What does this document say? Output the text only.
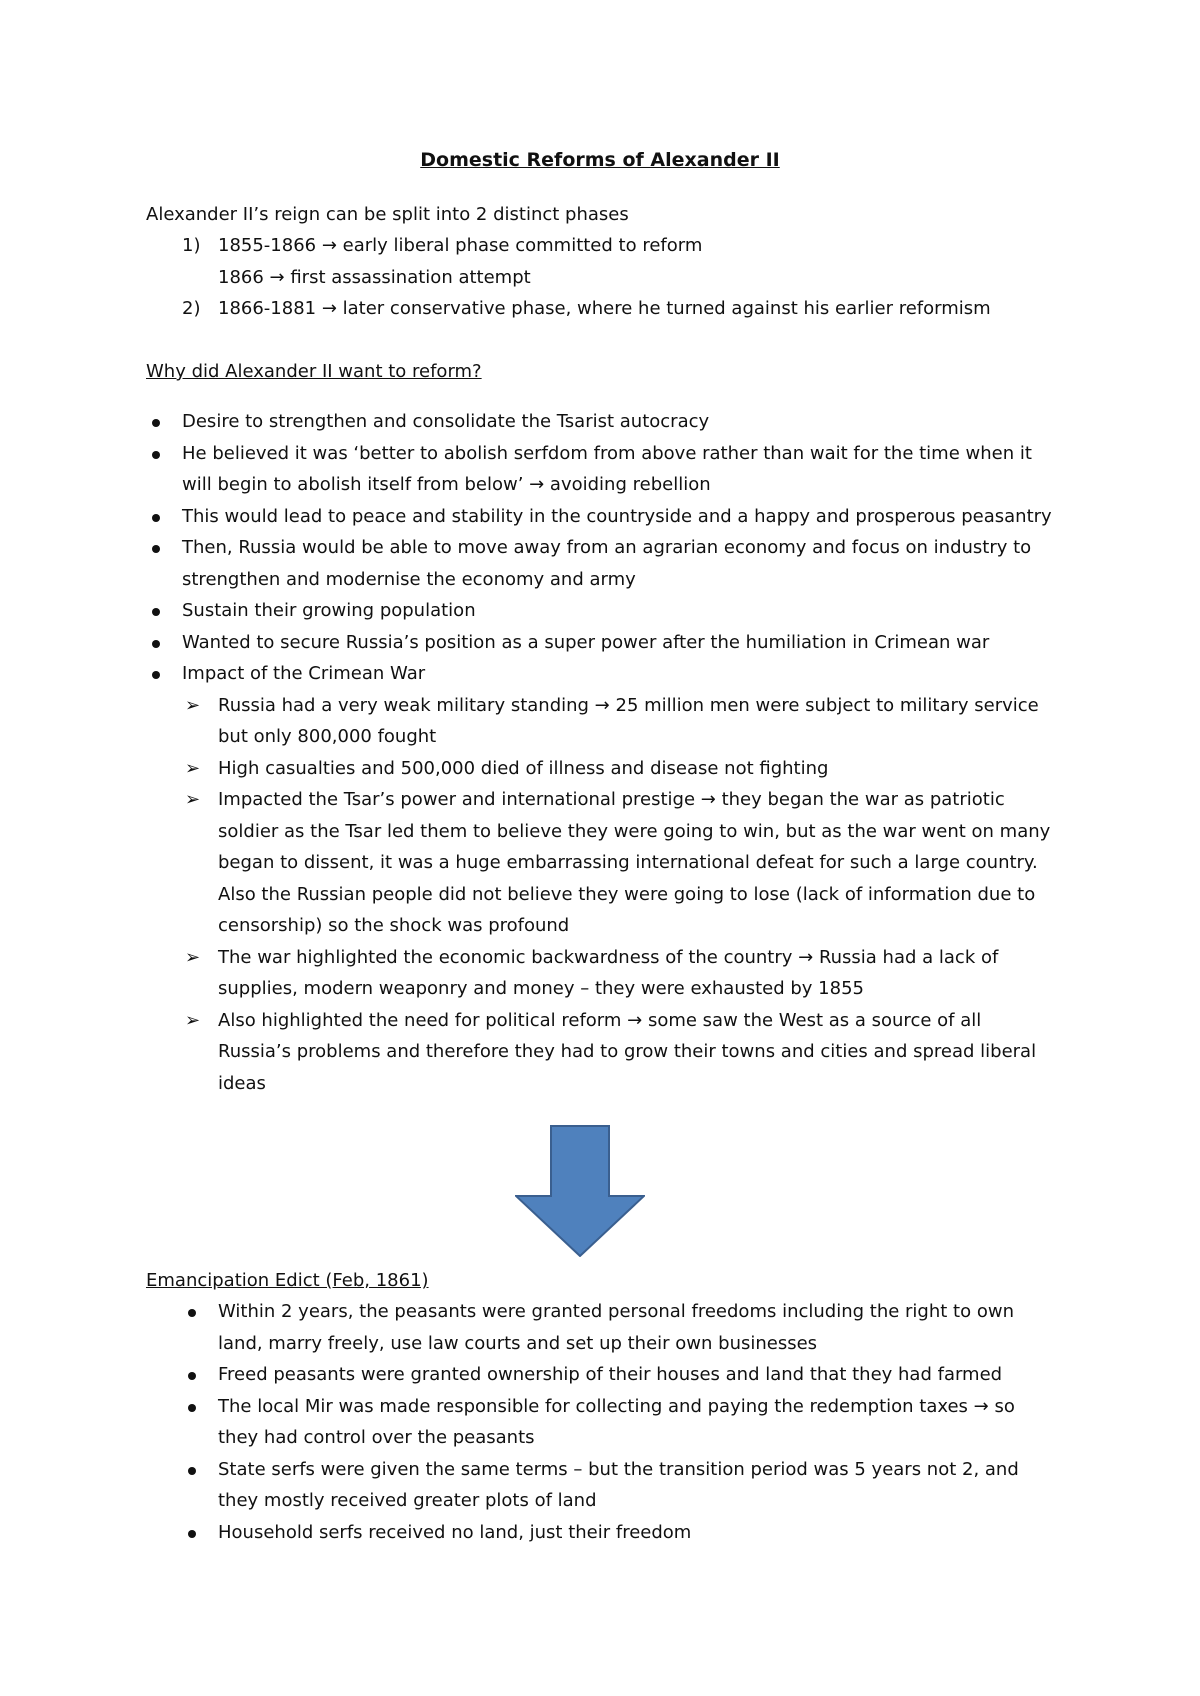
Domestic Reforms of Alexander II
Alexander II’s reign can be split into 2 distinct phases
1) 1855-1866 → early liberal phase committed to reform
1866 → first assassination attempt
2) 1866-1881 → later conservative phase, where he turned against his earlier reformism
Why did Alexander II want to reform?
Desire to strengthen and consolidate the Tsarist autocracy
He believed it was ‘better to abolish serfdom from above rather than wait for the time when it
will begin to abolish itself from below’ → avoiding rebellion
This would lead to peace and stability in the countryside and a happy and prosperous peasantry
Then, Russia would be able to move away from an agrarian economy and focus on industry to
strengthen and modernise the economy and army
Sustain their growing population
Wanted to secure Russia’s position as a super power after the humiliation in Crimean war
Impact of the Crimean War
➢ Russia had a very weak military standing → 25 million men were subject to military service
but only 800,000 fought
➢ High casualties and 500,000 died of illness and disease not fighting
➢ Impacted the Tsar’s power and international prestige → they began the war as patriotic
soldier as the Tsar led them to believe they were going to win, but as the war went on many
began to dissent, it was a huge embarrassing international defeat for such a large country.
Also the Russian people did not believe they were going to lose (lack of information due to
censorship) so the shock was profound
➢ The war highlighted the economic backwardness of the country → Russia had a lack of
supplies, modern weaponry and money – they were exhausted by 1855
➢ Also highlighted the need for political reform → some saw the West as a source of all
Russia’s problems and therefore they had to grow their towns and cities and spread liberal
ideas
Emancipation Edict (Feb, 1861)
Within 2 years, the peasants were granted personal freedoms including the right to own
land, marry freely, use law courts and set up their own businesses
Freed peasants were granted ownership of their houses and land that they had farmed
The local Mir was made responsible for collecting and paying the redemption taxes → so
they had control over the peasants
State serfs were given the same terms – but the transition period was 5 years not 2, and
they mostly received greater plots of land
Household serfs received no land, just their freedom
